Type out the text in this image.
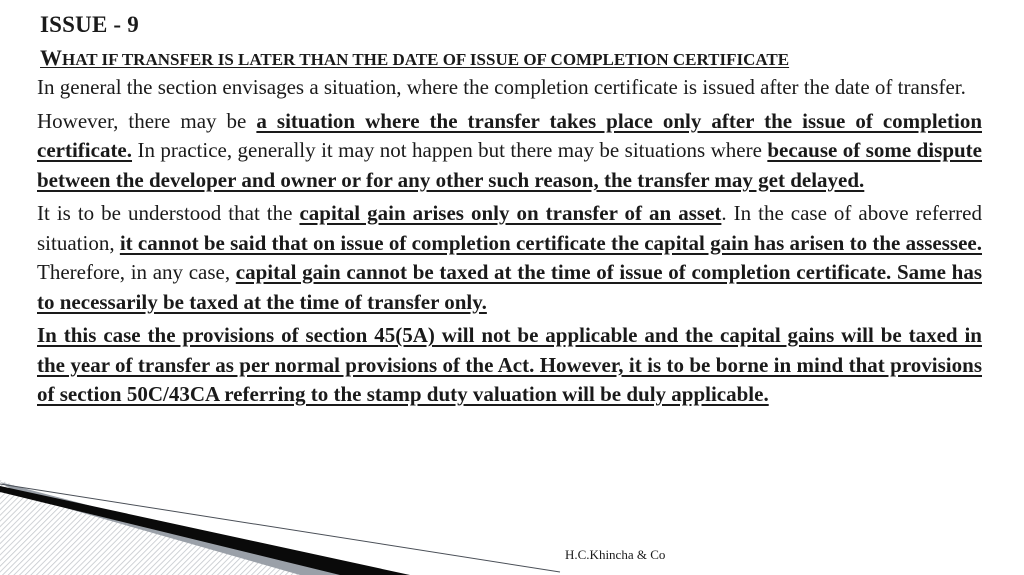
ISSUE - 9
WHAT IF TRANSFER IS LATER THAN THE DATE OF ISSUE OF COMPLETION CERTIFICATE

In general the section envisages a situation, where the completion certificate is issued after the date of transfer.

However, there may be a situation where the transfer takes place only after the issue of completion certificate. In practice, generally it may not happen but there may be situations where because of some dispute between the developer and owner or for any other such reason, the transfer may get delayed.

It is to be understood that the capital gain arises only on transfer of an asset. In the case of above referred situation, it cannot be said that on issue of completion certificate the capital gain has arisen to the assessee. Therefore, in any case, capital gain cannot be taxed at the time of issue of completion certificate. Same has to necessarily be taxed at the time of transfer only.

In this case the provisions of section 45(5A) will not be applicable and the capital gains will be taxed in the year of transfer as per normal provisions of the Act. However, it is to be borne in mind that provisions of section 50C/43CA referring to the stamp duty valuation will be duly applicable.

H.C.Khincha & Co
